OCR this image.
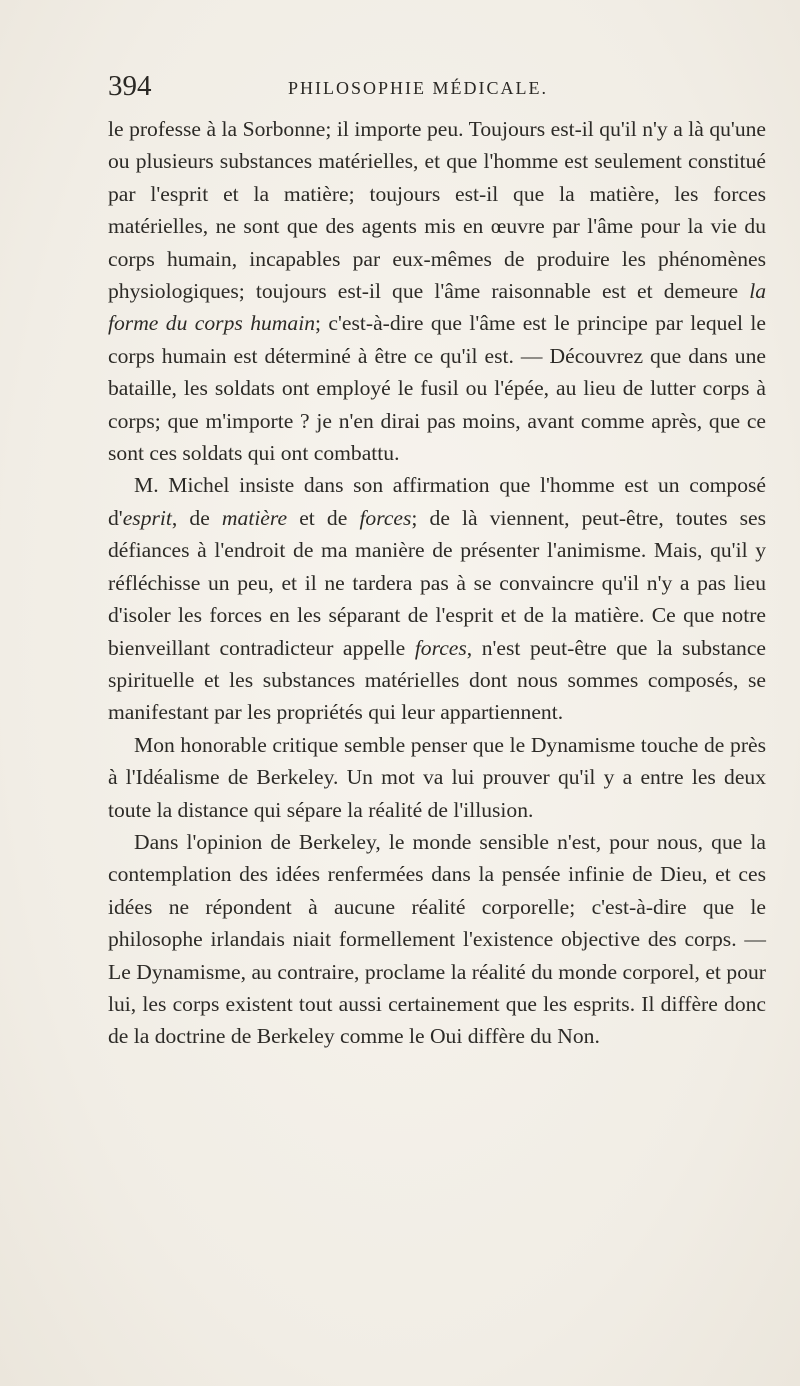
394	PHILOSOPHIE MÉDICALE.

le professe à la Sorbonne; il importe peu. Toujours est-il qu'il n'y a là qu'une ou plusieurs substances matérielles, et que l'homme est seulement constitué par l'esprit et la matière; toujours est-il que la matière, les forces matérielles, ne sont que des agents mis en œuvre par l'âme pour la vie du corps humain, incapables par eux-mêmes de produire les phénomènes physiologiques; toujours est-il que l'âme raisonnable est et demeure la forme du corps humain; c'est-à-dire que l'âme est le principe par lequel le corps humain est déterminé à être ce qu'il est. — Découvrez que dans une bataille, les soldats ont employé le fusil ou l'épée, au lieu de lutter corps à corps; que m'importe ? je n'en dirai pas moins, avant comme après, que ce sont ces soldats qui ont combattu.

M. Michel insiste dans son affirmation que l'homme est un composé d'esprit, de matière et de forces; de là viennent, peut-être, toutes ses défiances à l'endroit de ma manière de présenter l'animisme. Mais, qu'il y réfléchisse un peu, et il ne tardera pas à se convaincre qu'il n'y a pas lieu d'isoler les forces en les séparant de l'esprit et de la matière. Ce que notre bienveillant contradicteur appelle forces, n'est peut-être que la substance spirituelle et les substances matérielles dont nous sommes composés, se manifestant par les propriétés qui leur appartiennent.

Mon honorable critique semble penser que le Dynamisme touche de près à l'Idéalisme de Berkeley. Un mot va lui prouver qu'il y a entre les deux toute la distance qui sépare la réalité de l'illusion.

Dans l'opinion de Berkeley, le monde sensible n'est, pour nous, que la contemplation des idées renfermées dans la pensée infinie de Dieu, et ces idées ne répondent à aucune réalité corporelle; c'est-à-dire que le philosophe irlandais niait formellement l'existence objective des corps. — Le Dynamisme, au contraire, proclame la réalité du monde corporel, et pour lui, les corps existent tout aussi certainement que les esprits. Il diffère donc de la doctrine de Berkeley comme le Oui diffère du Non.
